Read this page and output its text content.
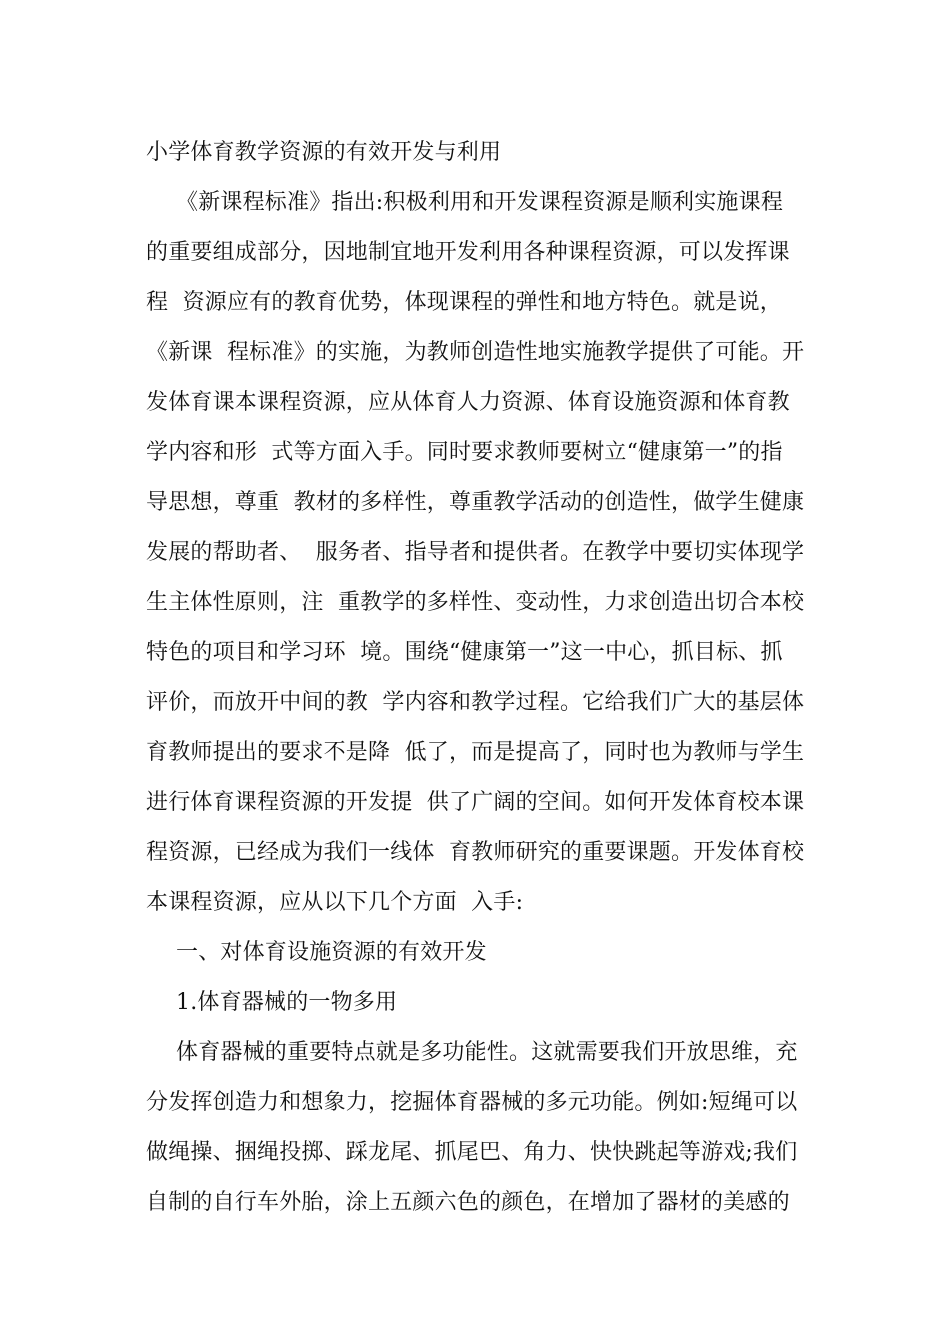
小学体育教学资源的有效开发与利用
《新课程标准》指出:积极利用和开发课程资源是顺利实施课程
的重要组成部分，因地制宜地开发利用各种课程资源，可以发挥课
程  资源应有的教育优势，体现课程的弹性和地方特色。就是说，
《新课  程标准》的实施，为教师创造性地实施教学提供了可能。开
发体育课本课程资源，应从体育人力资源、体育设施资源和体育教
学内容和形  式等方面入手。同时要求教师要树立“健康第一”的指
导思想，尊重  教材的多样性，尊重教学活动的创造性，做学生健康
发展的帮助者、  服务者、指导者和提供者。在教学中要切实体现学
生主体性原则，注  重教学的多样性、变动性，力求创造出切合本校
特色的项目和学习环  境。围绕“健康第一”这一中心，抓目标、抓
评价，而放开中间的教  学内容和教学过程。它给我们广大的基层体
育教师提出的要求不是降  低了，而是提高了，同时也为教师与学生
进行体育课程资源的开发提  供了广阔的空间。如何开发体育校本课
程资源，已经成为我们一线体  育教师研究的重要课题。开发体育校
本课程资源，应从以下几个方面  入手:
一、对体育设施资源的有效开发
1.体育器械的一物多用
体育器械的重要特点就是多功能性。这就需要我们开放思维，充
分发挥创造力和想象力，挖掘体育器械的多元功能。例如:短绳可以
做绳操、捆绳投掷、踩龙尾、抓尾巴、角力、快快跳起等游戏;我们
自制的自行车外胎，涂上五颜六色的颜色，在增加了器材的美感的
